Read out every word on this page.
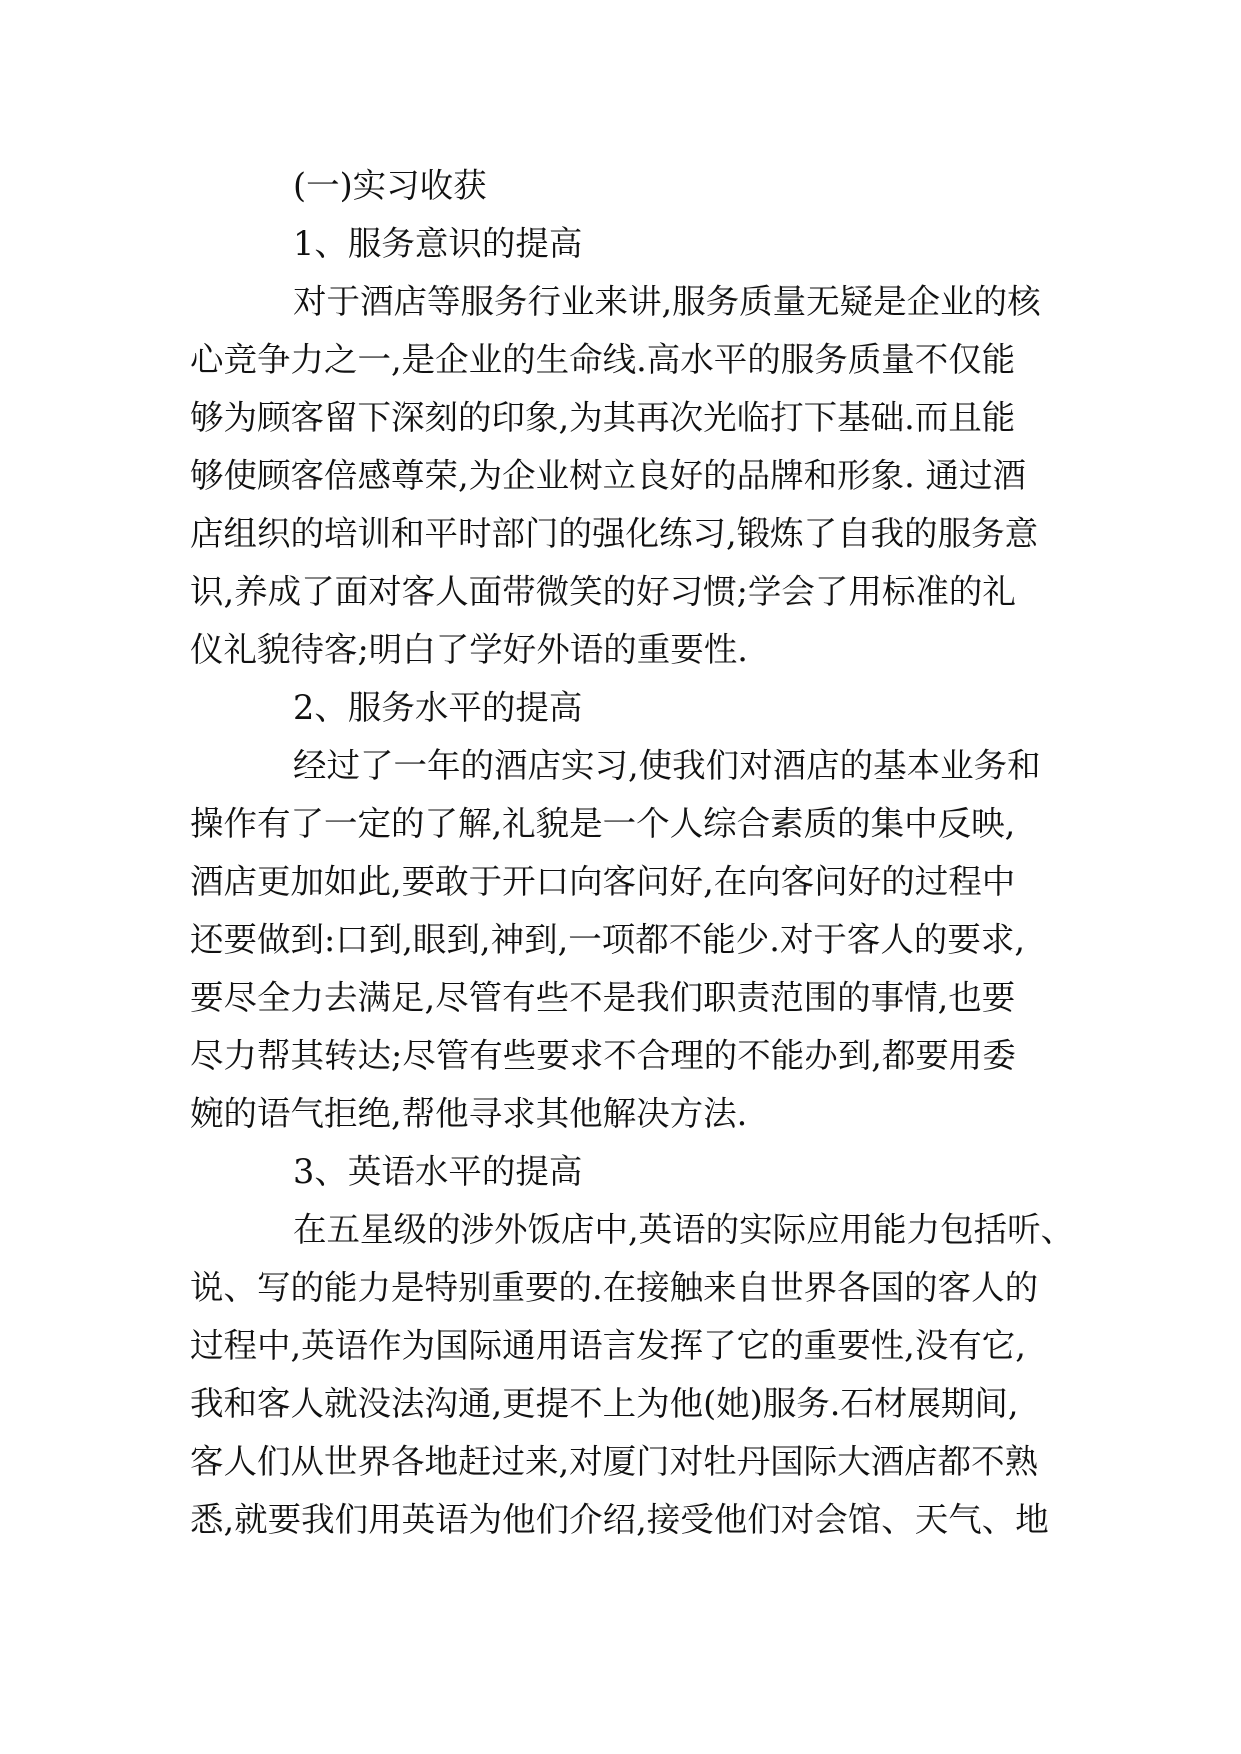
(一)实习收获
1、服务意识的提高
对于酒店等服务行业来讲,服务质量无疑是企业的核
心竞争力之一,是企业的生命线.高水平的服务质量不仅能
够为顾客留下深刻的印象,为其再次光临打下基础.而且能
够使顾客倍感尊荣,为企业树立良好的品牌和形象. 通过酒
店组织的培训和平时部门的强化练习,锻炼了自我的服务意
识,养成了面对客人面带微笑的好习惯;学会了用标准的礼
仪礼貌待客;明白了学好外语的重要性.
2、服务水平的提高
经过了一年的酒店实习,使我们对酒店的基本业务和
操作有了一定的了解,礼貌是一个人综合素质的集中反映,
酒店更加如此,要敢于开口向客问好,在向客问好的过程中
还要做到:口到,眼到,神到,一项都不能少.对于客人的要求,
要尽全力去满足,尽管有些不是我们职责范围的事情,也要
尽力帮其转达;尽管有些要求不合理的不能办到,都要用委
婉的语气拒绝,帮他寻求其他解决方法.
3、英语水平的提高
在五星级的涉外饭店中,英语的实际应用能力包括听、
说、写的能力是特别重要的.在接触来自世界各国的客人的
过程中,英语作为国际通用语言发挥了它的重要性,没有它,
我和客人就没法沟通,更提不上为他(她)服务.石材展期间,
客人们从世界各地赶过来,对厦门对牡丹国际大酒店都不熟
悉,就要我们用英语为他们介绍,接受他们对会馆、天气、地
